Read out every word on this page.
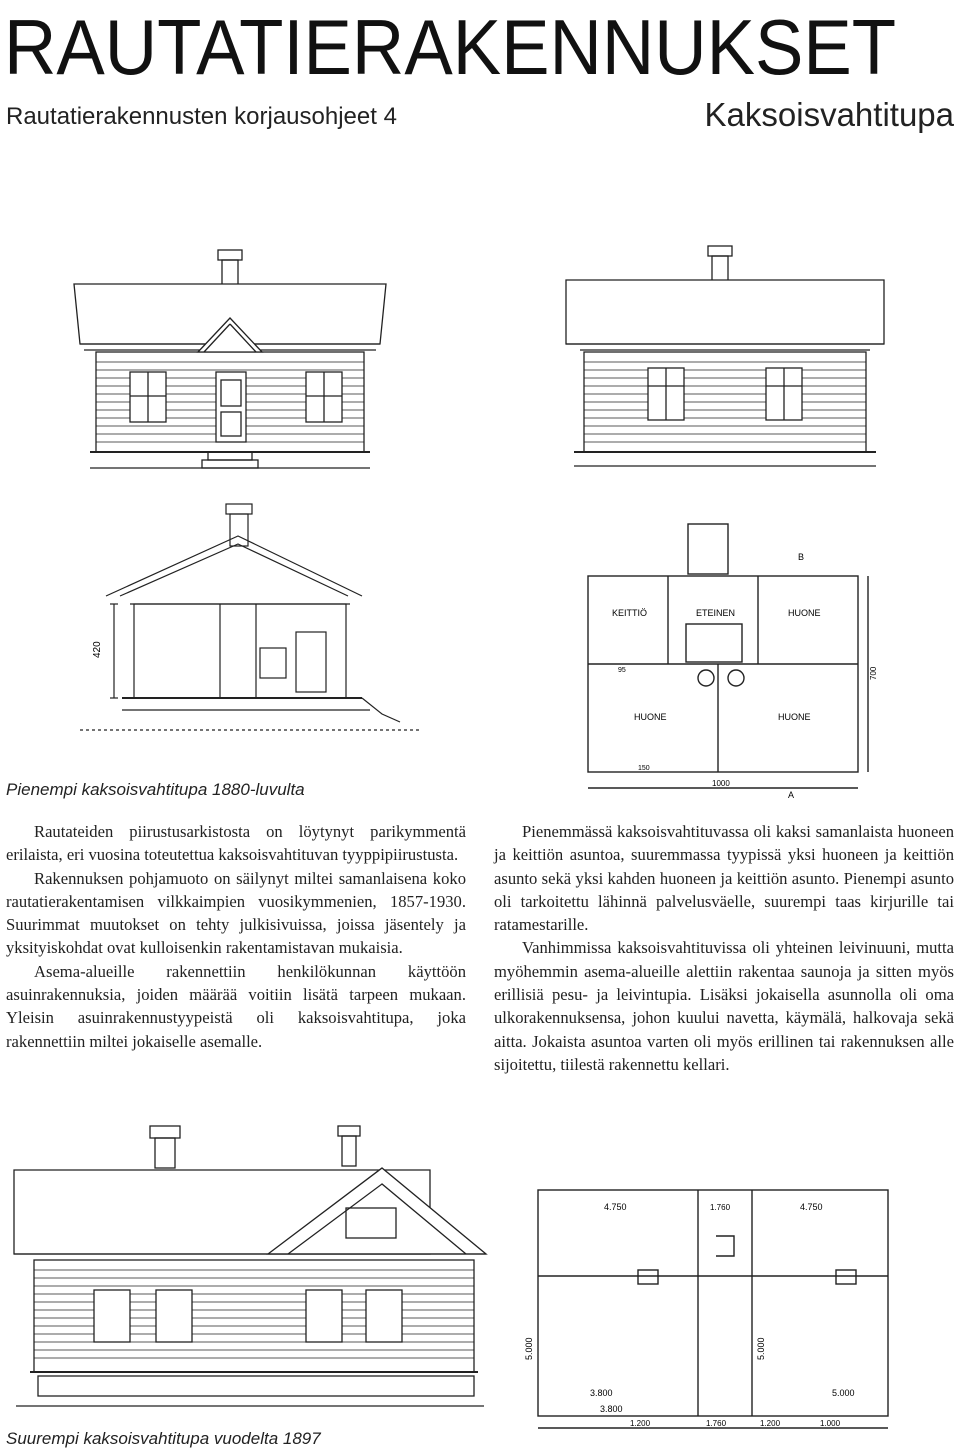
RAUTATIERAKENNUKSET
Rautatierakennusten korjausohjeet 4	Kaksoisvahtitupa
420
KEITTIÖ	ETEINEN	HUONE
HUONE	HUONE
1000
700
150
95
B
A
Pienempi kaksoisvahtitupa 1880-luvulta

Rautateiden piirustusarkistosta on löytynyt parikymmentä erilaista, eri vuosina toteutettua kaksoisvahtituvan tyyppipiirustusta.

Rakennuksen pohjamuoto on säilynyt miltei samanlaisena koko rautatierakentamisen vilkkaimpien vuosikymmenien, 1857-1930. Suurimmat muutokset on tehty julkisivuissa, joissa jäsentely ja yksityiskohdat ovat kulloisenkin rakentamistavan mukaisia.

Asema-alueille rakennettiin henkilökunnan käyttöön asuinrakennuksia, joiden määrää voitiin lisätä tarpeen mukaan. Yleisin asuinrakennustyypeistä oli kaksoisvahtitupa, joka rakennettiin miltei jokaiselle asemalle.

Pienemmässä kaksoisvahtituvassa oli kaksi samanlaista huoneen ja keittiön asuntoa, suuremmassa tyypissä yksi huoneen ja keittiön asunto sekä yksi kahden huoneen ja keittiön asunto. Pienempi asunto oli tarkoitettu lähinnä palvelusväelle, suurempi taas kirjurille tai ratamestarille.

Vanhimmissa kaksoisvahtituvissa oli yhteinen leivinuuni, mutta myöhemmin asema-alueille alettiin rakentaa saunoja ja sitten myös erillisiä pesu- ja leivintupia. Lisäksi jokaisella asunnolla oli oma ulkorakennuksensa, johon kuului navetta, käymälä, halkovaja sekä aitta. Jokaista asuntoa varten oli myös erillinen tai rakennuksen alle sijoitettu, tiilestä rakennettu kellari.

4.750	1.760	4.750
5.000	5.000
5.000
3.800
3.800
1.200	1.760	1.200	1.000
Suurempi kaksoisvahtitupa vuodelta 1897
